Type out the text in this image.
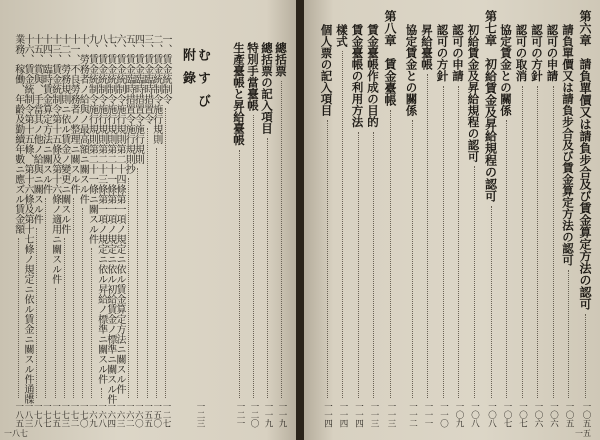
第六章　請負單價又は請負步合及び賃金算定方法の認可
一〇五
請負單價又は請負步合及び賃金算定方法の認可
一〇五
認可の申請
一〇六
認可の方針
一〇六
認可の取消
一〇七
協定賃金との關係
一〇七
第七章　初給賃金及昇給規程の認可
一〇八
初給賃金及昇給規程の認可
一〇八
認可の申請
一〇九
認可の方針
一一〇
昇給臺帳
一一一
協定賃金との關係
一一二
第八章　賃金臺帳
一一三
賃金臺帳作成の目的
一一三
賃金臺帳の利用方法
一一四
樣式
一一四
個人票の記入項目
一一四
總括票
一一九
總括票の記入項目
一一九
特別手當臺帳
一二〇
生產臺帳と昇給臺帳
一二一
むすび
一二三
附錄
一、賃金統制令
一二七
二、賃金統制令施行規則
一五〇
三、賃金臨時措置令
一五五
四、賃金臨時措置令施行規則
一六〇
五、賃金臨時措置令施行規則抄
一六二
六、賃金統制令施行規則第二十四條第一項ノ規定ニ依ル賃金算定方法ニ關スル件
一六三
七、賃金統制令施行規則第二十一條第一項ノ規定ニ依ル初給賃金ノ標準ニ關スル件
一六四
八、賃金統制令施行規則第二十三條第一項ノ規定ニ依ル昇給ノ標準ニ關スル件
一六八
九、賃金統制令施行規則第二十一條ニ關スル件
一六九
十、勞務者ノ給與ノ最高額ニ關スル件
一七〇
十一、不良勞務者ノ整理ニ關スル件
一七二
十二、勞務規則ニ依ル賃金ノ變更ニ關スル件
一七三
十三、賃金統制令第十五條及第十六條ノ適用ニ關スル件
一七五
十四、臨時賃金算定方法ニ關スル件
一七七
十五、賞與、手當其ノ他ノ給與ニ關スル件
一七八
十六、賃金統制令第十五條、第十六條及第十七條ノ規定ニ依ル賃金ニ關スル件通牒
一八三
業務、稼働、年齡及勤續年數ニ應ズル賃金額
一八五
一八七	一五
